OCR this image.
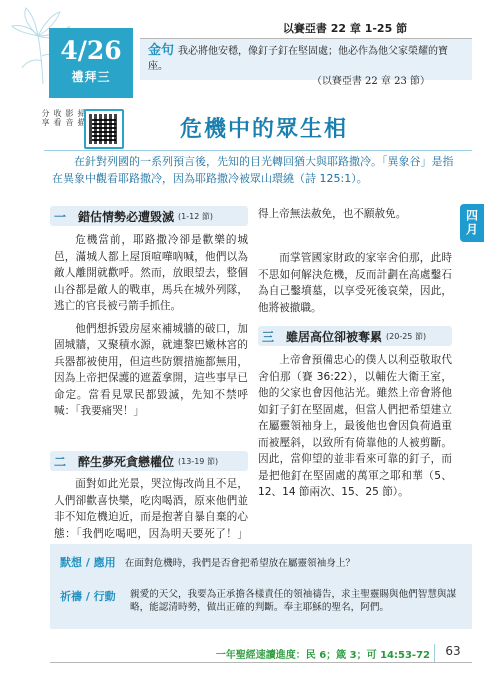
4/26
禮拜三
以賽亞書 22 章 1-25 節
金句 我必將他安穩，像釘子釘在堅固處；他必作為他父家榮耀的寶座。
（以賽亞書 22 章 23 節）
掃描
影音
收看
分享	危機中的眾生相
在針對列國的一系列預言後，先知的目光轉回猶大與耶路撒冷。「異象谷」是指在異象中觀看耶路撒冷，因為耶路撒冷被眾山環繞（詩 125:1）。
四月
一 錯估情勢必遭毀滅 (1-12 節)

危機當前，耶路撒冷卻是歡樂的城邑，滿城人都上屋頂喧嘩吶喊，他們以為敵人離開就歡呼。然而，放眼望去，整個山谷都是敵人的戰車，馬兵在城外列隊，逃亡的官長被弓箭手抓住。

他們想拆毀房屋來補城牆的破口，加固城牆，又聚積水源，就連黎巴嫩林宮的兵器都被使用，但這些防禦措施都無用，因為上帝把保護的遮蓋拿開，這些事早已命定。當看見眾民都毀滅，先知不禁呼喊：「我要痛哭！」

二 醉生夢死貪戀權位 (13-19 節)

面對如此光景，哭泣悔改尚且不足，人們卻歡喜快樂，吃肉喝酒，原來他們並非不知危機迫近，而是抱著自暴自棄的心態：「我們吃喝吧，因為明天要死了！」

得上帝無法赦免，也不願赦免。

而掌管國家財政的家宰舍伯那，此時不思如何解決危機，反而計劃在高處鑿石為自己鑿墳墓，以享受死後哀榮，因此，他將被撤職。

三 雖居高位卻被奪累 (20-25 節)

上帝會預備忠心的僕人以利亞敬取代舍伯那（賽 36:22），以輔佐大衛王室，他的父家也會因他沾光。雖然上帝會將他如釘子釘在堅固處，但當人們把希望建立在屬靈領袖身上，最後他也會因負荷過重而被壓斜，以致所有倚靠他的人被剪斷。因此，當仰望的並非看來可靠的釘子，而是把他釘在堅固處的萬軍之耶和華（5、12、14 節兩次、15、25 節）。

默想 / 應用 在面對危機時，我們是否會把希望放在屬靈領袖身上？
祈禱 / 行動	親愛的天父，我要為正承擔各樣責任的領袖禱告，求主聖靈賜與他們智慧與謀略，能認清時勢，做出正確的判斷。奉主耶穌的聖名，阿們。
一年聖經速讀進度：民 6；箴 3；可 14:53-72	63
